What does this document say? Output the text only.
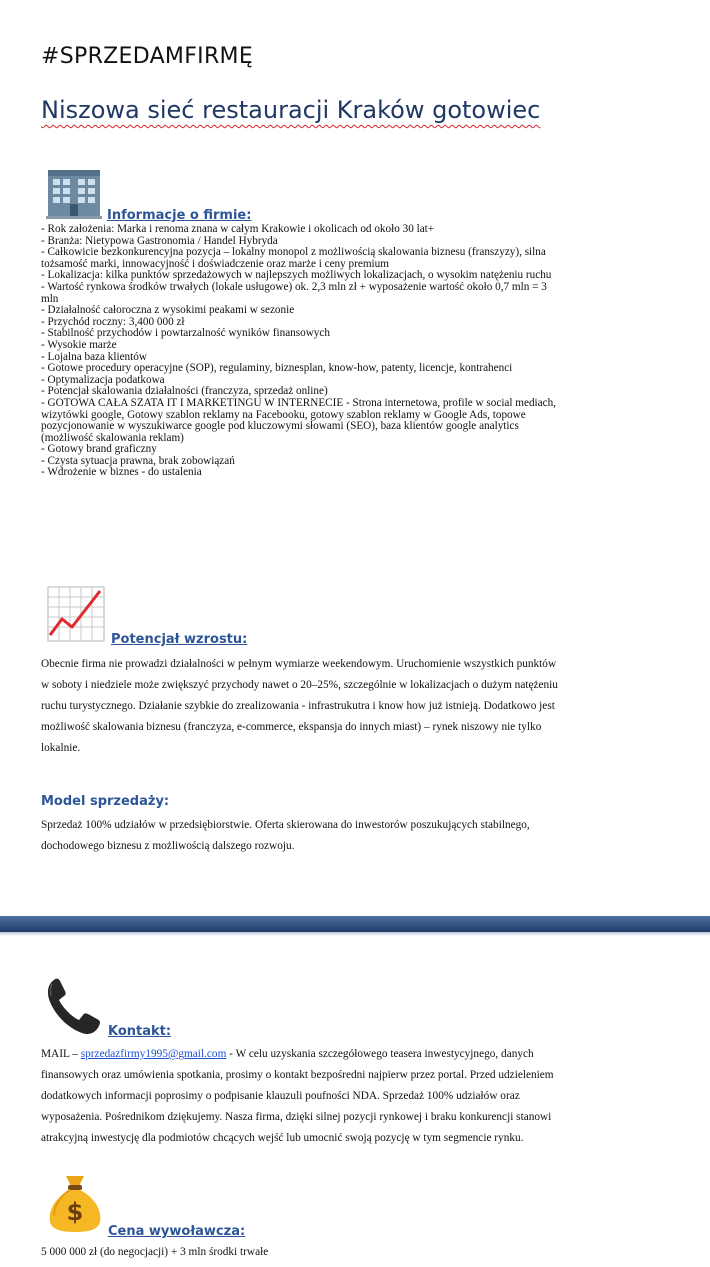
#SPRZEDAMFIRMĘ
Niszowa sieć restauracji Kraków gotowiec
Informacje o firmie:
- Rok założenia: Marka i renoma znana w całym Krakowie i okolicach od około 30 lat+
- Branża: Nietypowa Gastronomia / Handel Hybryda
- Całkowicie bezkonkurencyjna pozycja – lokalny monopol z możliwością skalowania biznesu (franszyzy), silna
tożsamość marki, innowacyjność i doświadczenie oraz marże i ceny premium
- Lokalizacja: kilka punktów sprzedażowych w najlepszych możliwych lokalizacjach, o wysokim natężeniu ruchu
- Wartość rynkowa środków trwałych (lokale usługowe) ok. 2,3 mln zł + wyposażenie wartość około 0,7 mln = 3
mln
- Działalność całoroczna z wysokimi peakami w sezonie
- Przychód roczny: 3,400 000 zł
- Stabilność przychodów i powtarzalność wyników finansowych
- Wysokie marże
- Lojalna baza klientów
- Gotowe procedury operacyjne (SOP), regulaminy, biznesplan, know-how, patenty, licencje, kontrahenci
- Optymalizacja podatkowa
- Potencjał skalowania działalności (franczyza, sprzedaż online)
- GOTOWA CAŁA SZATA IT I MARKETINGU W INTERNECIE - Strona internetowa, profile w social mediach,
wizytówki google, Gotowy szablon reklamy na Facebooku, gotowy szablon reklamy w Google Ads, topowe
pozycjonowanie w wyszukiwarce google pod kluczowymi słowami (SEO), baza klientów google analytics
(możliwość skalowania reklam)
- Gotowy brand graficzny
- Czysta sytuacja prawna, brak zobowiązań
- Wdrożenie w biznes - do ustalenia
Potencjał wzrostu:
Obecnie firma nie prowadzi działalności w pełnym wymiarze weekendowym. Uruchomienie wszystkich punktów
w soboty i niedziele może zwiększyć przychody nawet o 20–25%, szczególnie w lokalizacjach o dużym natężeniu
ruchu turystycznego. Działanie szybkie do zrealizowania - infrastrukutra i know how już istnieją. Dodatkowo jest
możliwość skalowania biznesu (franczyza, e-commerce, ekspansja do innych miast) – rynek niszowy nie tylko
lokalnie.
Model sprzedaży:
Sprzedaż 100% udziałów w przedsiębiorstwie. Oferta skierowana do inwestorów poszukujących stabilnego,
dochodowego biznesu z możliwością dalszego rozwoju.
Kontakt:
MAIL – sprzedazfirmy1995@gmail.com - W celu uzyskania szczegółowego teasera inwestycyjnego, danych
finansowych oraz umówienia spotkania, prosimy o kontakt bezpośredni najpierw przez portal. Przed udzieleniem
dodatkowych informacji poprosimy o podpisanie klauzuli poufności NDA. Sprzedaż 100% udziałów oraz
wyposażenia. Pośrednikom dziękujemy. Nasza firma, dzięki silnej pozycji rynkowej i braku konkurencji stanowi
atrakcyjną inwestycję dla podmiotów chcących wejść lub umocnić swoją pozycję w tym segmencie rynku.
$
Cena wywoławcza:
5 000 000 zł (do negocjacji) + 3 mln środki trwałe
